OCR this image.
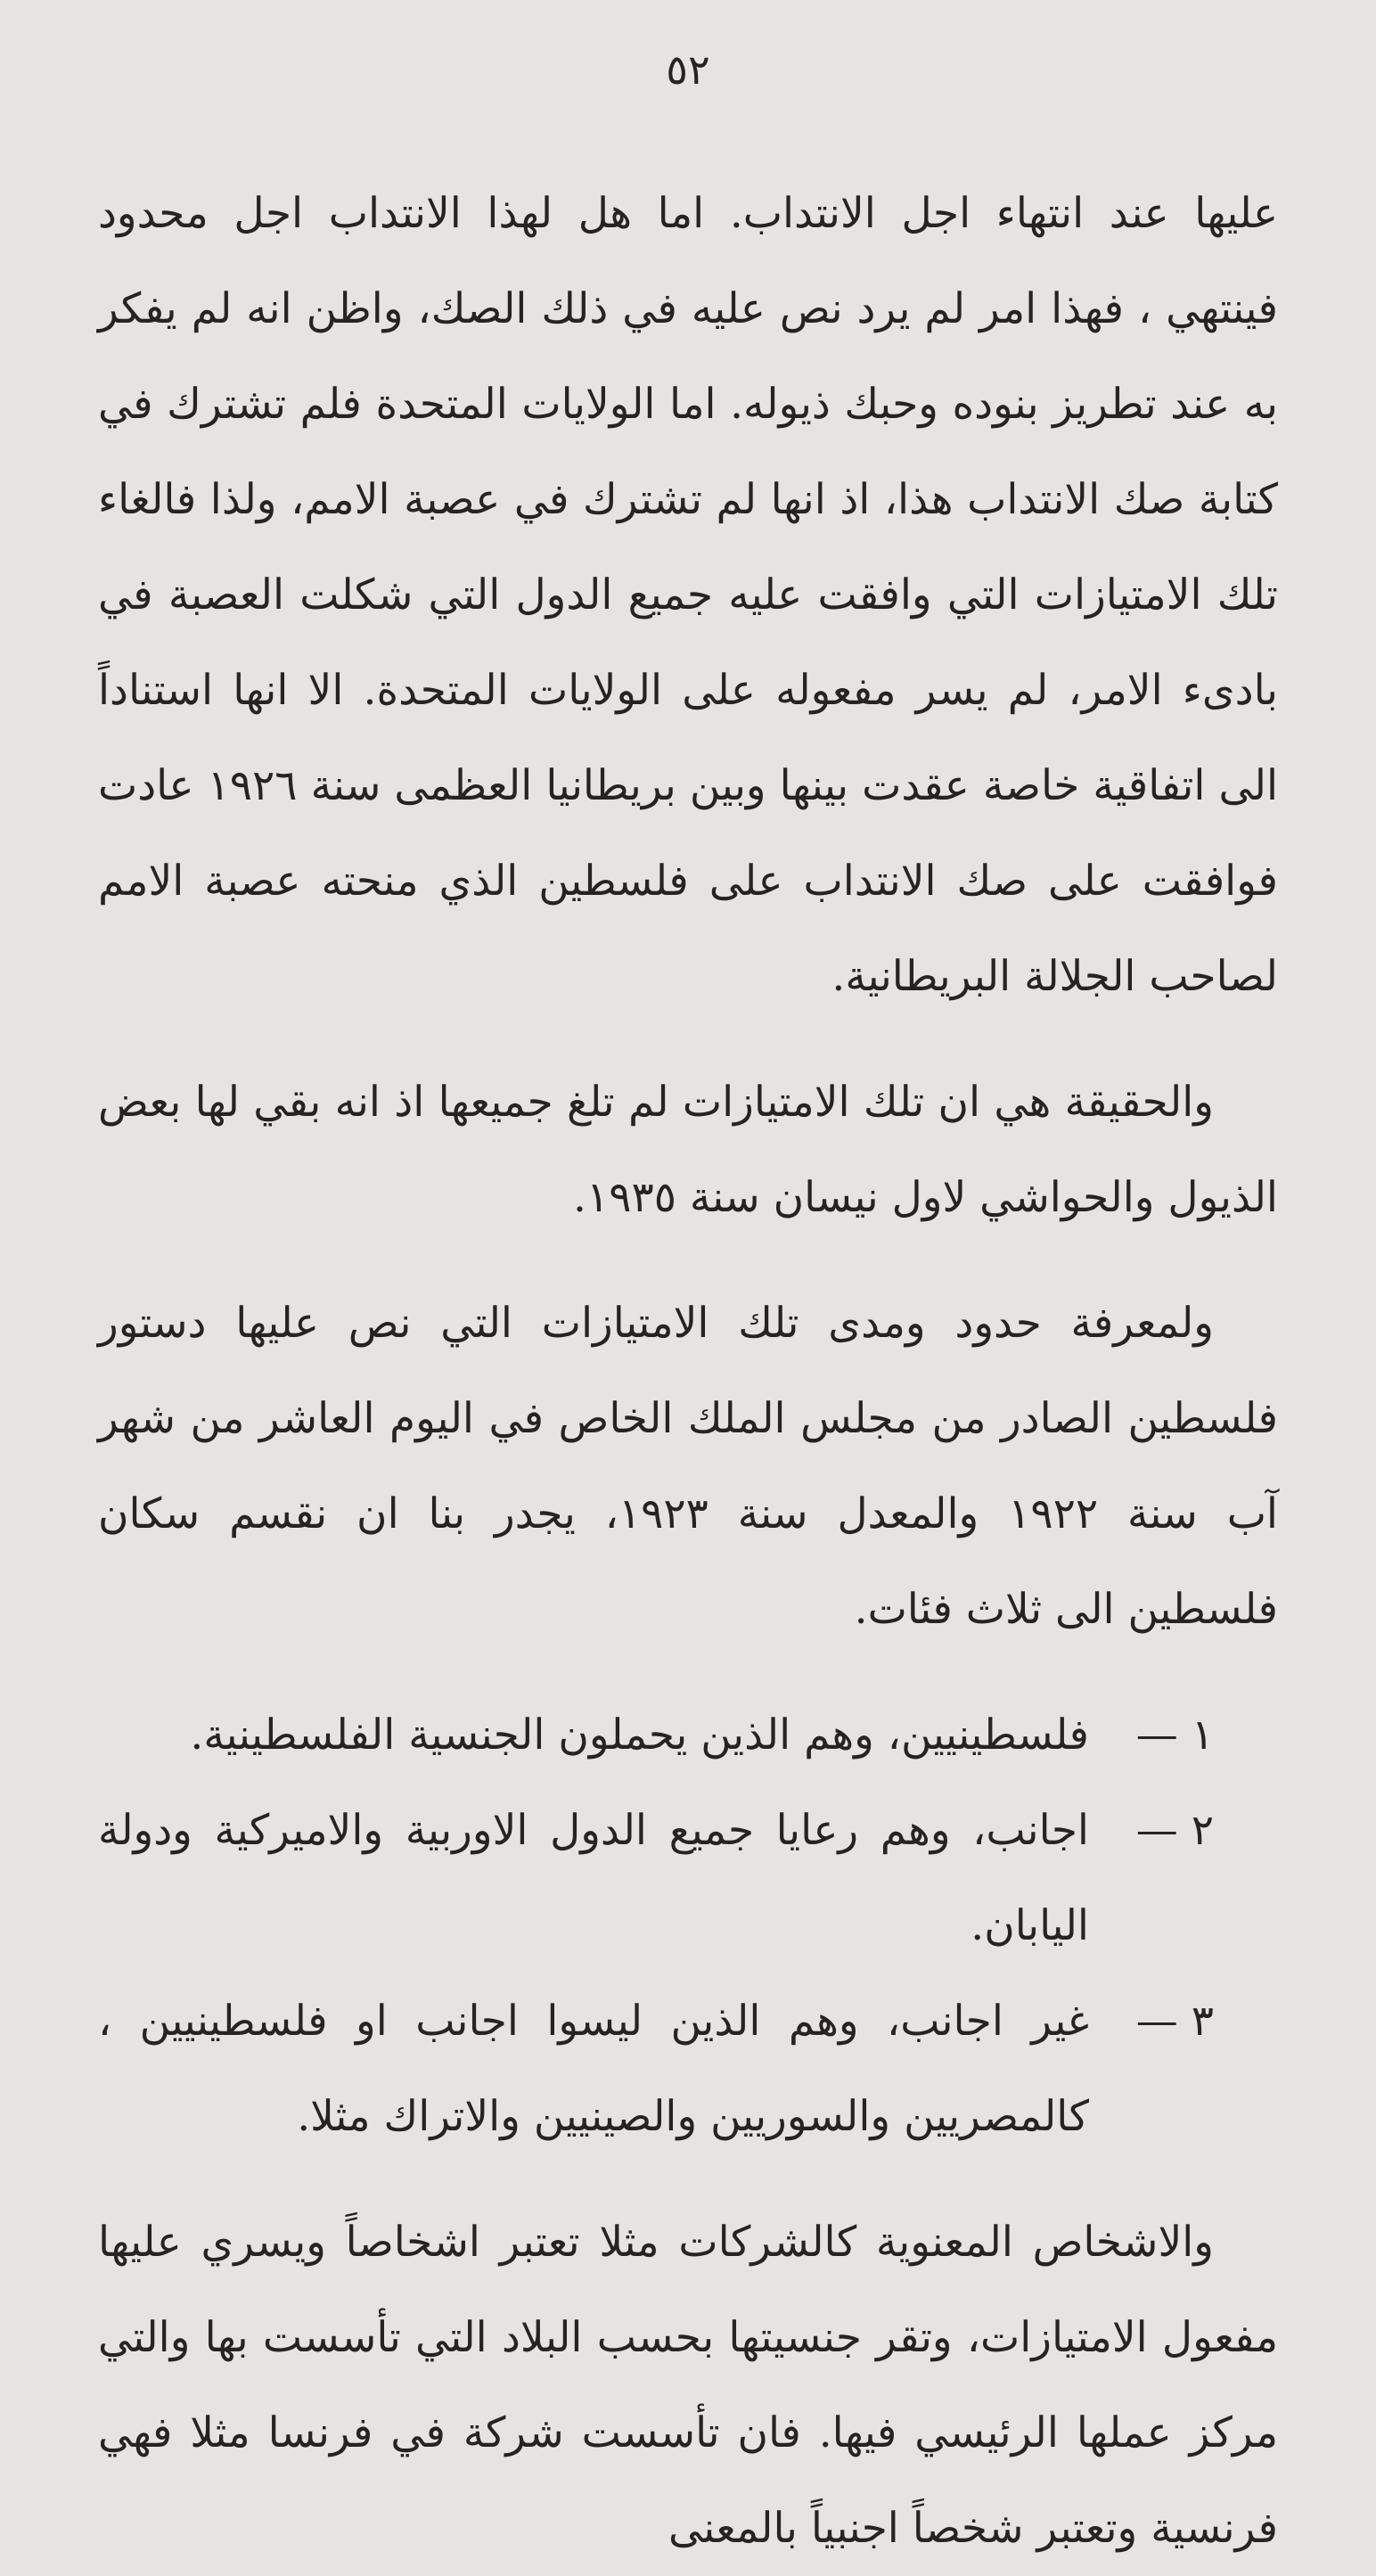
٥٢

عليها عند انتهاء اجل الانتداب. اما هل لهذا الانتداب اجل محدود فينتهي ، فهذا امر لم يرد نص عليه في ذلك الصك، واظن انه لم يفكر به عند تطريز بنوده وحبك ذيوله. اما الولايات المتحدة فلم تشترك في كتابة صك الانتداب هذا، اذ انها لم تشترك في عصبة الامم، ولذا فالغاء تلك الامتيازات التي وافقت عليه جميع الدول التي شكلت العصبة في بادىء الامر، لم يسر مفعوله على الولايات المتحدة. الا انها استناداً الى اتفاقية خاصة عقدت بينها وبين بريطانيا العظمى سنة ١٩٢٦ عادت فوافقت على صك الانتداب على فلسطين الذي منحته عصبة الامم لصاحب الجلالة البريطانية.

والحقيقة هي ان تلك الامتيازات لم تلغ جميعها اذ انه بقي لها بعض الذيول والحواشي لاول نيسان سنة ١٩٣٥.

ولمعرفة حدود ومدى تلك الامتيازات التي نص عليها دستور فلسطين الصادر من مجلس الملك الخاص في اليوم العاشر من شهر آب سنة ١٩٢٢ والمعدل سنة ١٩٢٣، يجدر بنا ان نقسم سكان فلسطين الى ثلاث فئات.

١ —
فلسطينيين، وهم الذين يحملون الجنسية الفلسطينية.
٢ —
اجانب، وهم رعايا جميع الدول الاوربية والاميركية ودولة اليابان.
٣ —
غير اجانب، وهم الذين ليسوا اجانب او فلسطينيين ، كالمصريين والسوريين والصينيين والاتراك مثلا.

والاشخاص المعنوية كالشركات مثلا تعتبر اشخاصاً ويسري عليها مفعول الامتيازات، وتقر جنسيتها بحسب البلاد التي تأسست بها والتي مركز عملها الرئيسي فيها. فان تأسست شركة في فرنسا مثلا فهي فرنسية وتعتبر شخصاً اجنبياً بالمعنى
